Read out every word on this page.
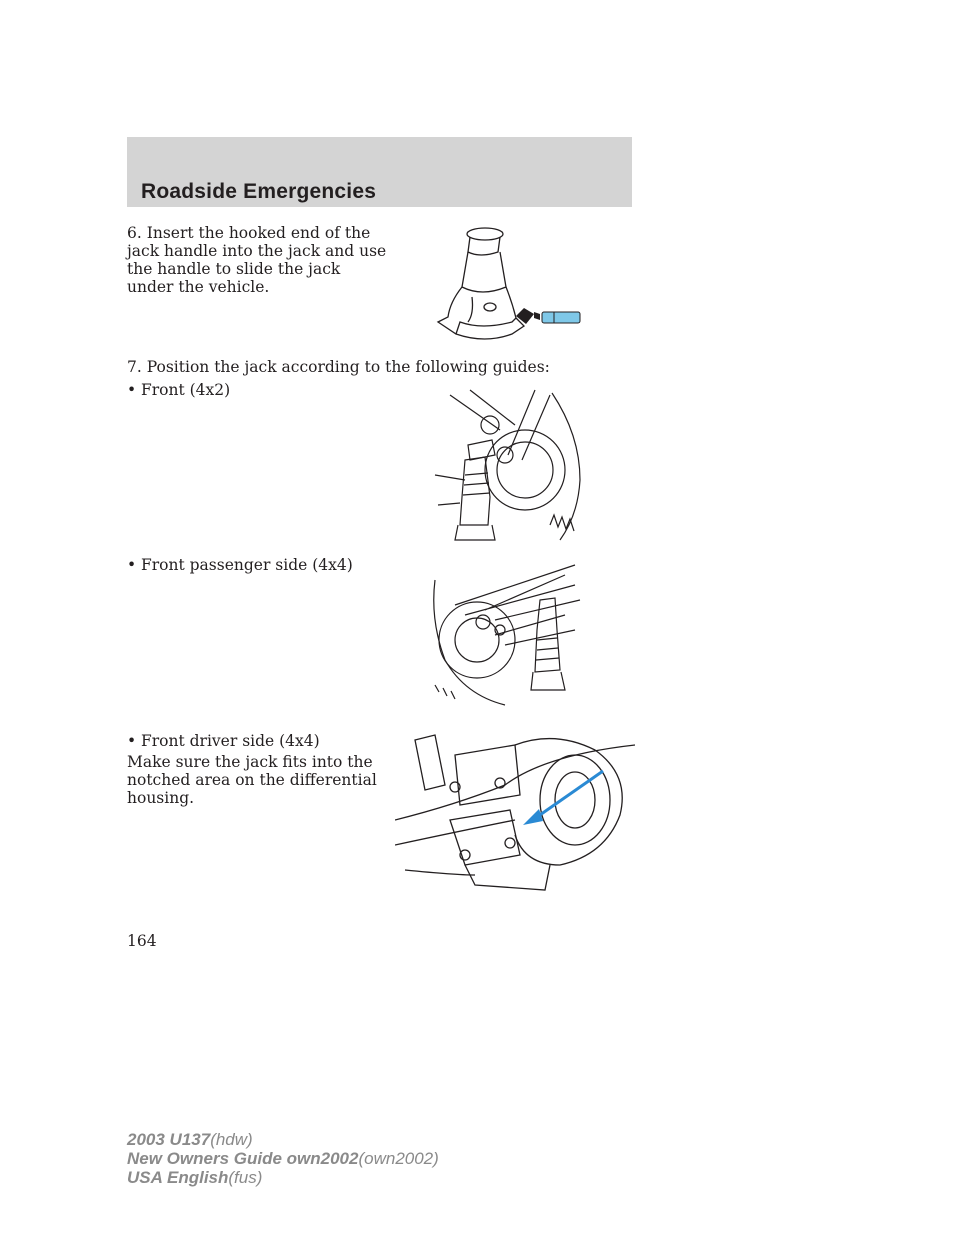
Roadside Emergencies
6. Insert the hooked end of the jack handle into the jack and use the handle to slide the jack under the vehicle.
7. Position the jack according to the following guides:
• Front (4x2)
• Front passenger side (4x4)
• Front driver side (4x4)
Make sure the jack fits into the notched area on the differential housing.
164
2003 U137(hdw)
New Owners Guide own2002(own2002)
USA English(fus)
